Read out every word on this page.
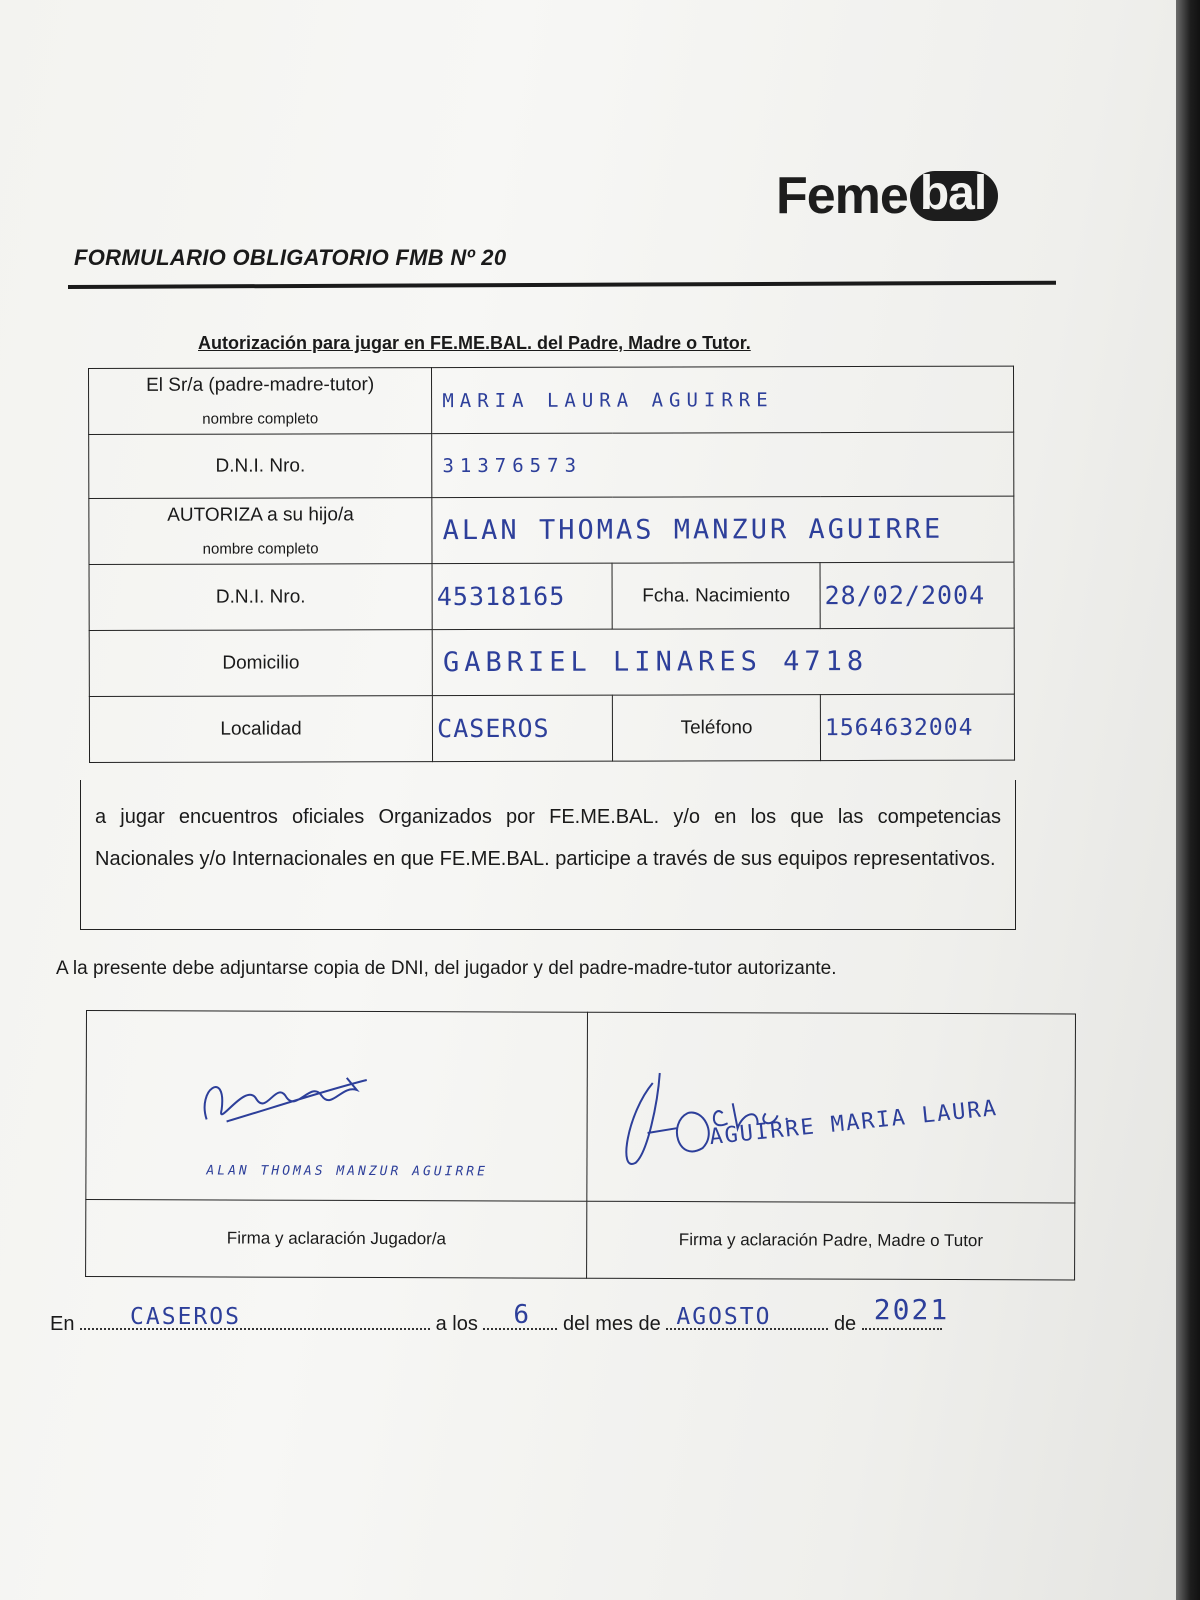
Feme bal
FORMULARIO OBLIGATORIO FMB Nº 20
Autorización para jugar en FE.ME.BAL. del Padre, Madre o Tutor.
El Sr/a (padre-madre-tutor)
nombre completo	MARIA LAURA AGUIRRE		
D.N.I. Nro.	31376573		
AUTORIZA a su hijo/a
nombre completo	ALAN THOMAS MANZUR AGUIRRE		
D.N.I. Nro.	45318165	Fcha. Nacimiento	28/02/2004
Domicilio	GABRIEL LINARES 4718		
Localidad	CASEROS	Teléfono	1564632004
a jugar encuentros oficiales Organizados por FE.ME.BAL. y/o en los que las competencias Nacionales y/o Internacionales en que FE.ME.BAL. participe a través de sus equipos representativos.
A la presente debe adjuntarse copia de DNI, del jugador y del padre-madre-tutor autorizante.
ALAN THOMAS MANZUR AGUIRRE	AGUIRRE MARIA LAURA

Firma y aclaración Jugador/a	Firma y aclaración Padre, Madre o Tutor
En CASEROS	a los 6 del mes de AGOSTO	de 2021
